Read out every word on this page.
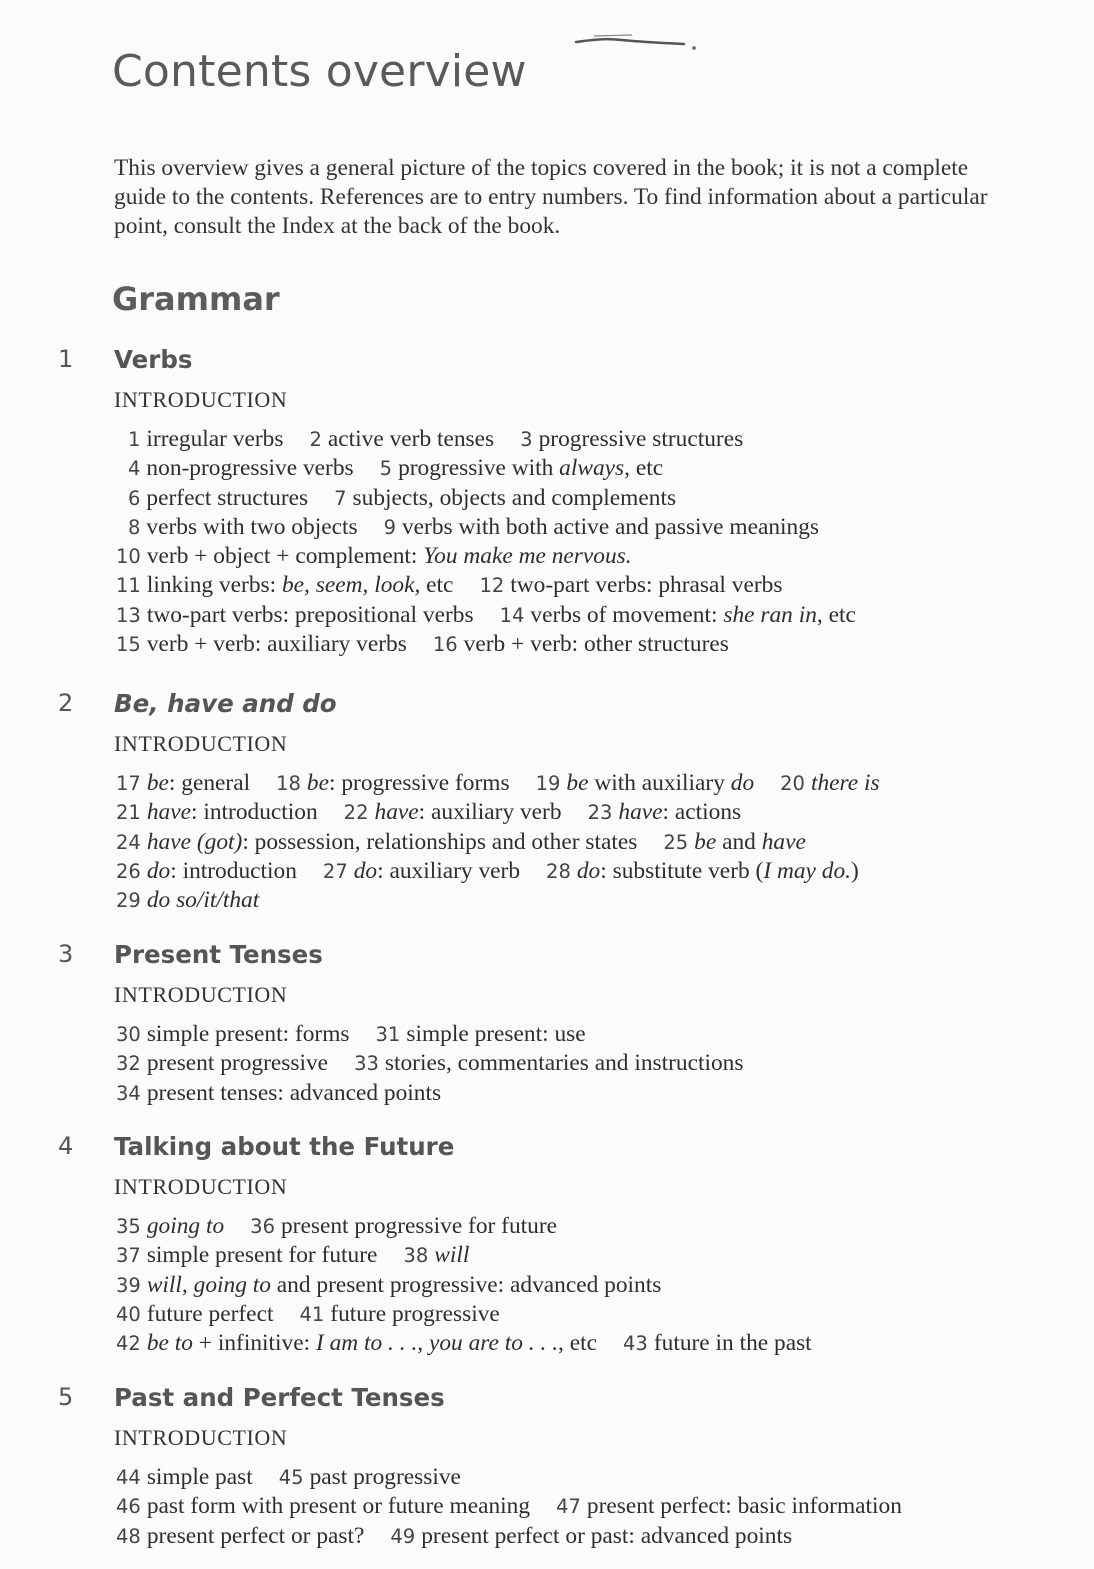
Contents overview

This overview gives a general picture of the topics covered in the book; it is not a complete guide to the contents. References are to entry numbers. To find information about a particular point, consult the Index at the back of the book.

Grammar
1 Verbs
INTRODUCTION
1 irregular verbs 2 active verb tenses 3 progressive structures
4 non-progressive verbs 5 progressive with always, etc
6 perfect structures 7 subjects, objects and complements
8 verbs with two objects 9 verbs with both active and passive meanings
10 verb + object + complement: You make me nervous.
11 linking verbs: be, seem, look, etc 12 two-part verbs: phrasal verbs
13 two-part verbs: prepositional verbs 14 verbs of movement: she ran in, etc
15 verb + verb: auxiliary verbs 16 verb + verb: other structures
2 Be, have and do
INTRODUCTION
17 be: general 18 be: progressive forms 19 be with auxiliary do 20 there is
21 have: introduction 22 have: auxiliary verb 23 have: actions
24 have (got): possession, relationships and other states 25 be and have
26 do: introduction 27 do: auxiliary verb 28 do: substitute verb (I may do.)
29 do so/it/that
3 Present Tenses
INTRODUCTION
30 simple present: forms 31 simple present: use
32 present progressive 33 stories, commentaries and instructions
34 present tenses: advanced points
4 Talking about the Future
INTRODUCTION
35 going to 36 present progressive for future
37 simple present for future 38 will
39 will, going to and present progressive: advanced points
40 future perfect 41 future progressive
42 be to + infinitive: I am to . . ., you are to . . ., etc 43 future in the past
5 Past and Perfect Tenses
INTRODUCTION
44 simple past 45 past progressive
46 past form with present or future meaning 47 present perfect: basic information
48 present perfect or past? 49 present perfect or past: advanced points
